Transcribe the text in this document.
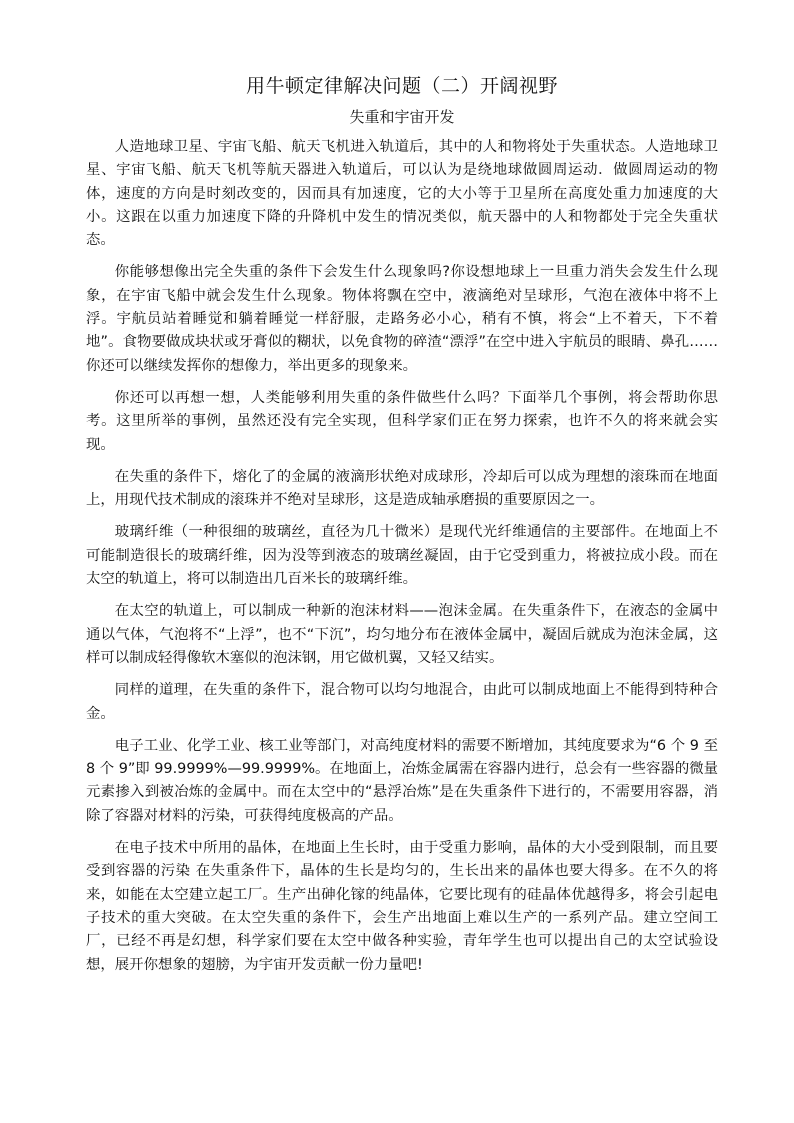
用牛顿定律解决问题（二）开阔视野
失重和宇宙开发

人造地球卫星、宇宙飞船、航天飞机进入轨道后，其中的人和物将处于失重状态。人造地球卫星、宇宙飞船、航天飞机等航天器进入轨道后，可以认为是绕地球做圆周运动．做圆周运动的物体，速度的方向是时刻改变的，因而具有加速度，它的大小等于卫星所在高度处重力加速度的大小。这跟在以重力加速度下降的升降机中发生的情况类似，航天器中的人和物都处于完全失重状态。

你能够想像出完全失重的条件下会发生什么现象吗?你设想地球上一旦重力消失会发生什么现象，在宇宙飞船中就会发生什么现象。物体将飘在空中，液滴绝对呈球形，气泡在液体中将不上浮。宇航员站着睡觉和躺着睡觉一样舒服，走路务必小心，稍有不慎，将会“上不着天，下不着地”。食物要做成块状或牙膏似的糊状，以免食物的碎渣“漂浮”在空中进入宇航员的眼睛、鼻孔……你还可以继续发挥你的想像力，举出更多的现象来。

你还可以再想一想，人类能够利用失重的条件做些什么吗？下面举几个事例，将会帮助你思考。这里所举的事例，虽然还没有完全实现，但科学家们正在努力探索，也许不久的将来就会实现。

在失重的条件下，熔化了的金属的液滴形状绝对成球形，冷却后可以成为理想的滚珠而在地面上，用现代技术制成的滚珠并不绝对呈球形，这是造成轴承磨损的重要原因之一。

玻璃纤维（一种很细的玻璃丝，直径为几十微米）是现代光纤维通信的主要部件。在地面上不可能制造很长的玻璃纤维，因为没等到液态的玻璃丝凝固，由于它受到重力，将被拉成小段。而在太空的轨道上，将可以制造出几百米长的玻璃纤维。

在太空的轨道上，可以制成一种新的泡沫材料——泡沫金属。在失重条件下，在液态的金属中通以气体，气泡将不“上浮”，也不“下沉”，均匀地分布在液体金属中，凝固后就成为泡沫金属，这样可以制成轻得像软木塞似的泡沫钢，用它做机翼，又轻又结实。

同样的道理，在失重的条件下，混合物可以均匀地混合，由此可以制成地面上不能得到特种合金。

电子工业、化学工业、核工业等部门，对高纯度材料的需要不断增加，其纯度要求为“6 个 9 至 8 个 9”即 99.9999%—99.9999%。在地面上，冶炼金属需在容器内进行，总会有一些容器的微量元素掺入到被冶炼的金属中。而在太空中的“悬浮冶炼”是在失重条件下进行的，不需要用容器，消除了容器对材料的污染，可获得纯度极高的产品。

在电子技术中所用的晶体，在地面上生长时，由于受重力影响，晶体的大小受到限制，而且要受到容器的污染 在失重条件下，晶体的生长是均匀的，生长出来的晶体也要大得多。在不久的将来，如能在太空建立起工厂。生产出砷化镓的纯晶体，它要比现有的硅晶体优越得多，将会引起电子技术的重大突破。在太空失重的条件下，会生产出地面上难以生产的一系列产品。建立空间工厂，已经不再是幻想，科学家们要在太空中做各种实验，青年学生也可以提出自己的太空试验设想，展开你想象的翅膀，为宇宙开发贡献一份力量吧!
